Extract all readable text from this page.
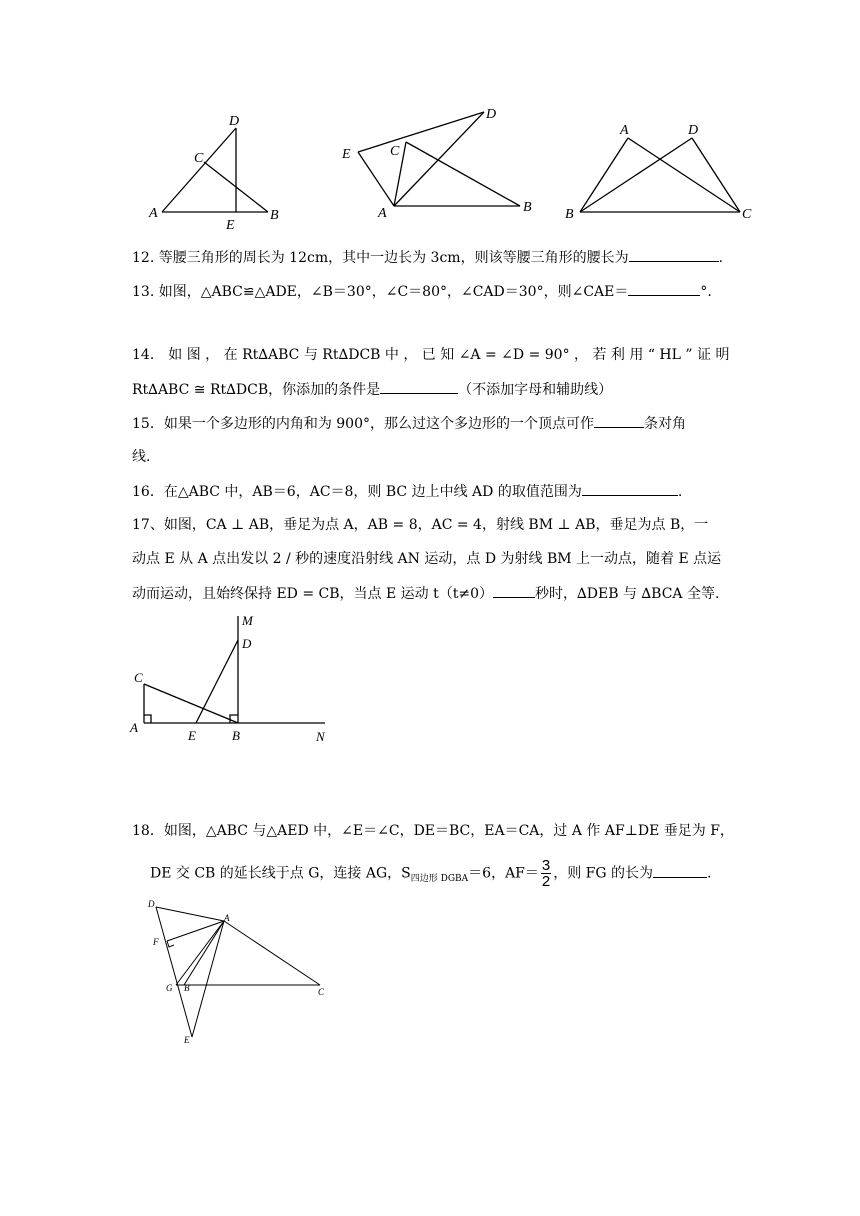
D
C
A
E
B
D
E	C
A	B
A	D
B	C
12. 等腰三角形的周长为 12cm，其中一边长为 3cm，则该等腰三角形的腰长为	.
13. 如图，△ABC≌△ADE，∠B＝30°，∠C＝80°，∠CAD＝30°，则∠CAE＝	°.
14． 如 图 ， 在 Rt∆ABC 与 Rt∆DCB 中 ， 已 知 ∠A = ∠D = 90° ， 若 利 用 “ HL ” 证 明
Rt∆ABC ≅ Rt∆DCB，你添加的条件是	（不添加字母和辅助线）
15．如果一个多边形的内角和为 900°，那么过这个多边形的一个顶点可作	条对角
线.
16．在△ABC 中，AB＝6，AC＝8，则 BC 边上中线 AD 的取值范围为	.
17、如图，CA ⊥ AB，垂足为点 A，AB = 8，AC = 4，射线 BM ⊥ AB，垂足为点 B，一
动点 E 从 A 点出发以 2 / 秒的速度沿射线 AN 运动，点 D 为射线 BM 上一动点，随着 E 点运
动而运动，且始终保持 ED = CB，当点 E 运动 t（t≠0）	秒时，∆DEB 与 ∆BCA 全等.
M
D
C
A
E	B	N
18．如图，△ABC 与△AED 中，∠E＝∠C，DE＝BC，EA＝CA，过 A 作 AF⊥DE 垂足为 F，
DE 交 CB 的延长线于点 G，连接 AG，$S_{四边形 DGBA}=6$，$AF= \frac{3}{2}$ ，则 FG 的长为	.
D
A
F
G B	C
E
